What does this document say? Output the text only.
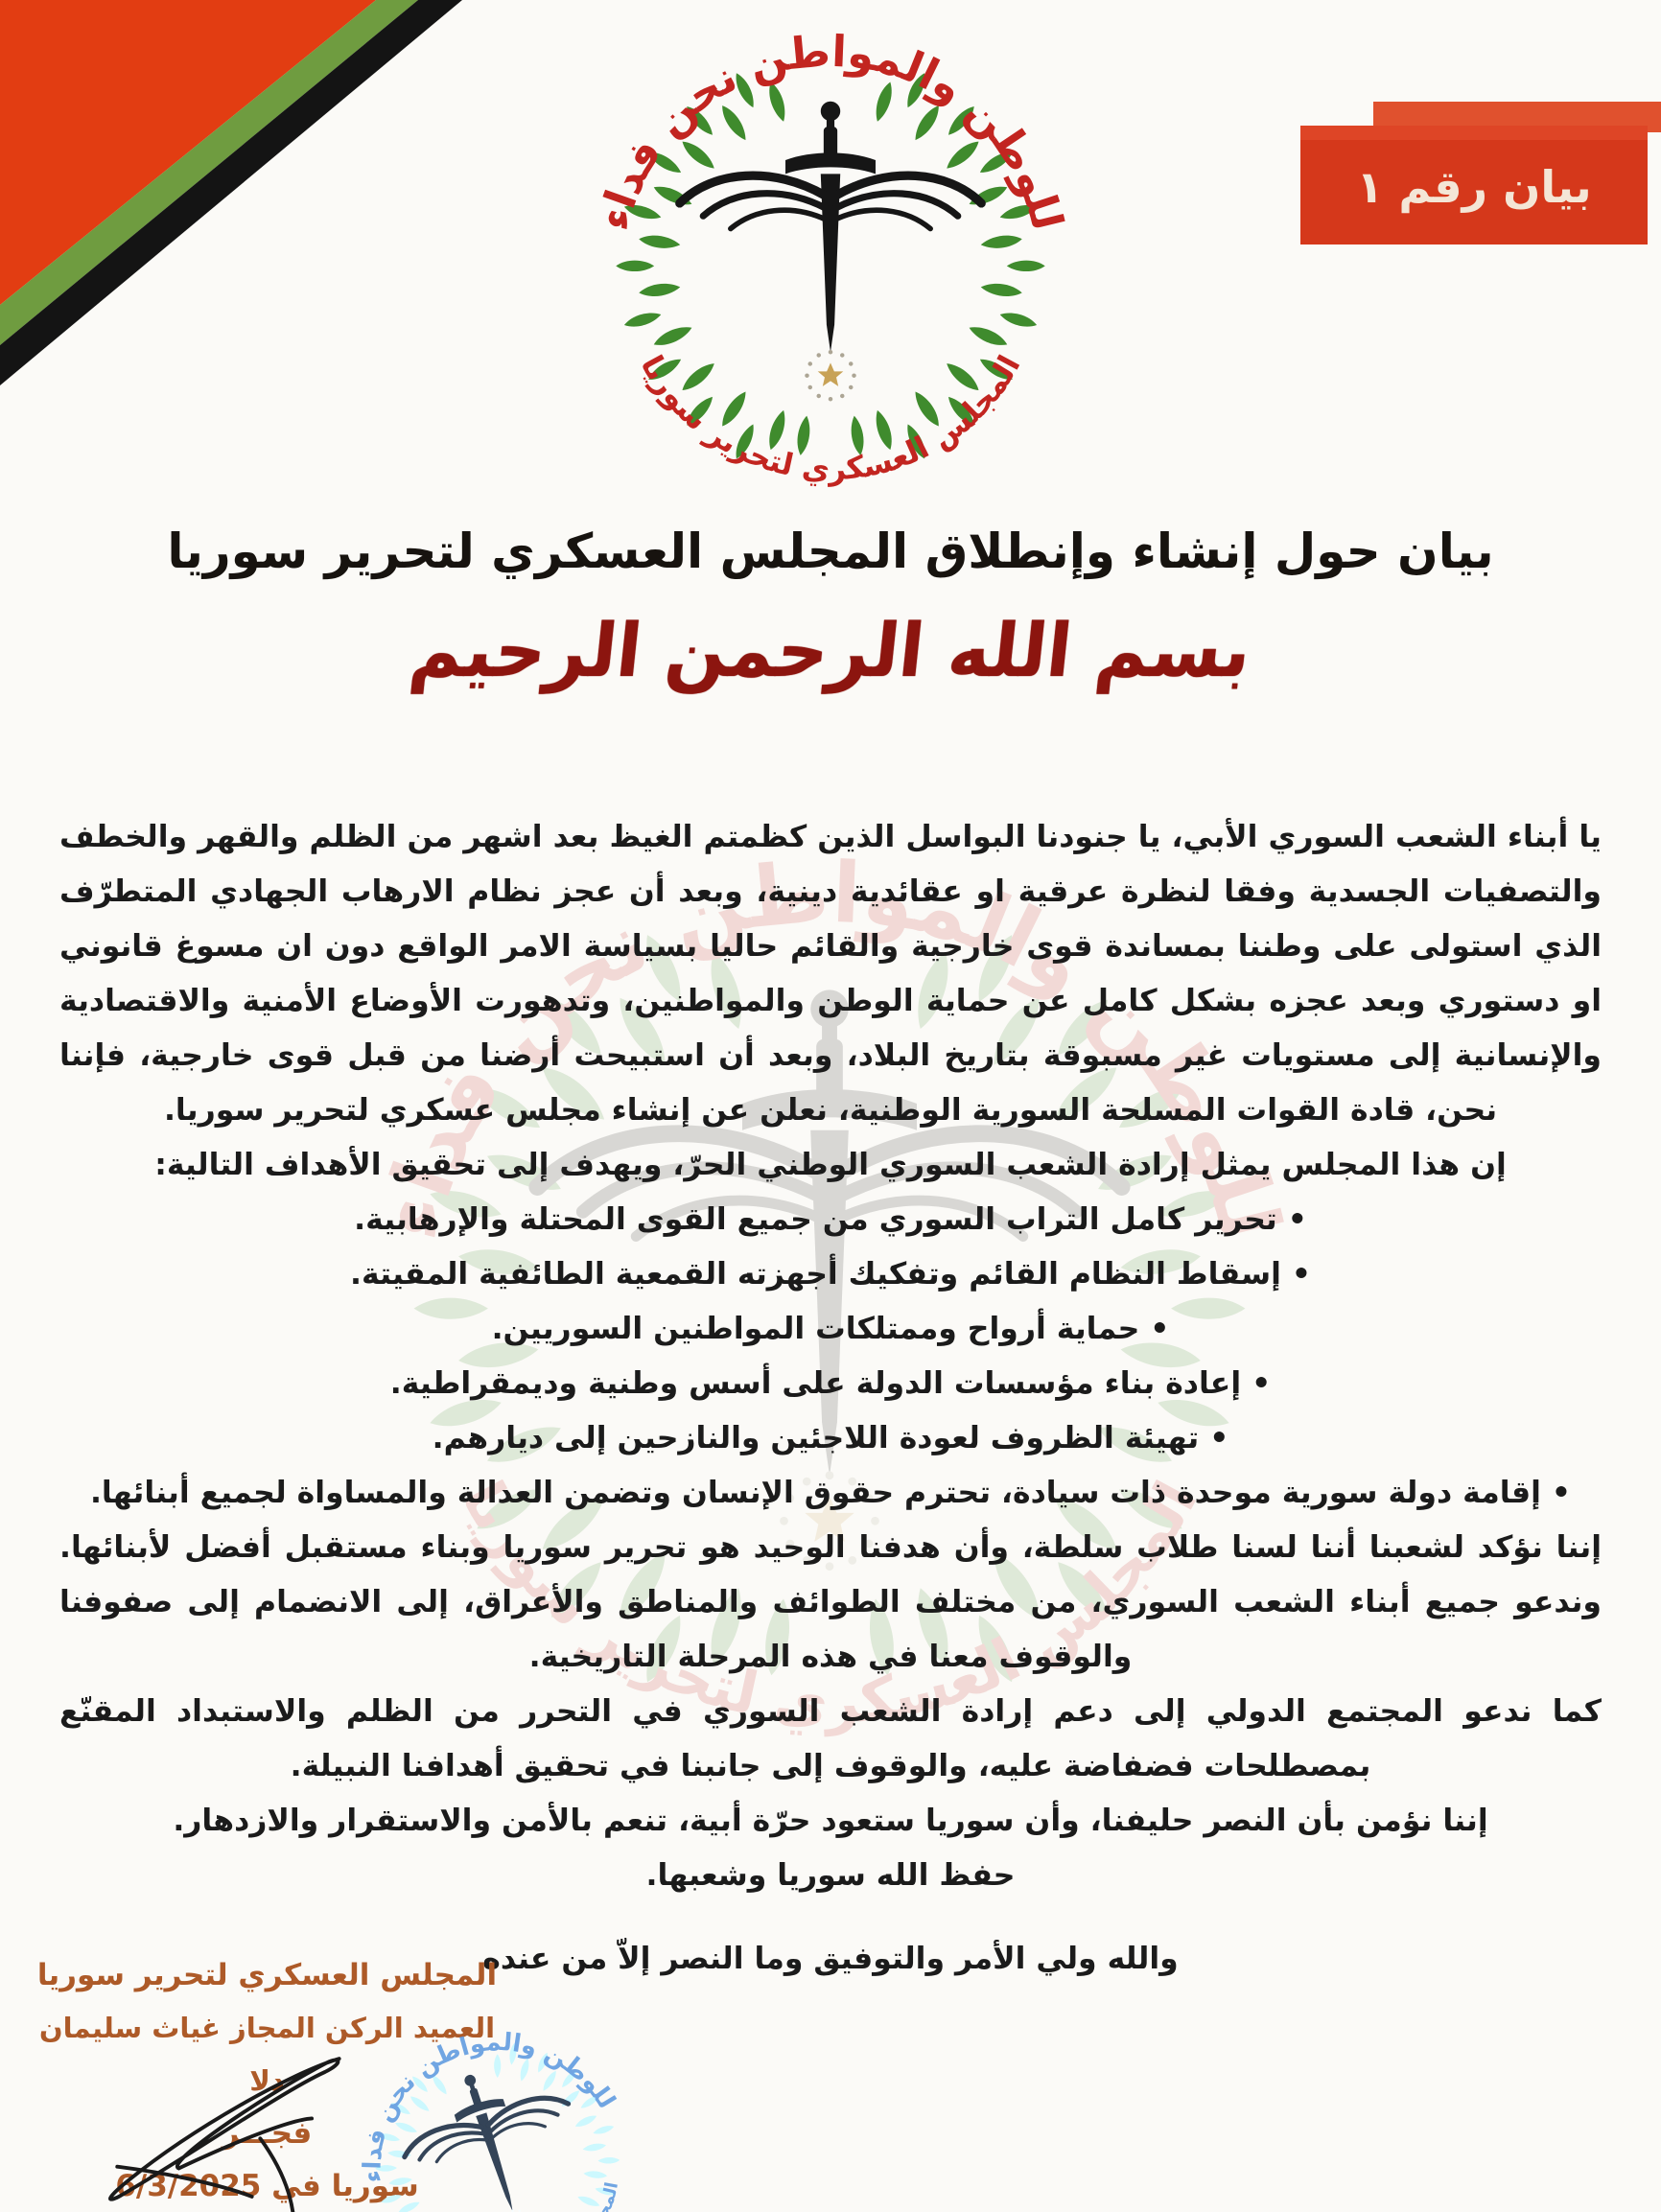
بيان رقم ١
بيان حول إنشاء وإنطلاق المجلس العسكري لتحرير سوريا
بسم الله الرحمن الرحيم

يا أبناء الشعب السوري الأبي، يا جنودنا البواسل الذين كظمتم الغيظ بعد اشهر من الظلم والقهر والخطف والتصفيات الجسدية وفقا لنظرة عرقية او عقائدية دينية، وبعد أن عجز نظام الارهاب الجهادي المتطرّف الذي استولى على وطننا بمساندة قوى خارجية والقائم حاليا بسياسة الامر الواقع دون ان مسوغ قانوني او دستوري وبعد عجزه بشكل كامل عن حماية الوطن والمواطنين، وتدهورت الأوضاع الأمنية والاقتصادية والإنسانية إلى مستويات غير مسبوقة بتاريخ البلاد، وبعد أن استبيحت أرضنا من قبل قوى خارجية، فإننا نحن، قادة القوات المسلحة السورية الوطنية، نعلن عن إنشاء مجلس عسكري لتحرير سوريا.

إن هذا المجلس يمثل إرادة الشعب السوري الوطني الحرّ، ويهدف إلى تحقيق الأهداف التالية:

• تحرير كامل التراب السوري من جميع القوى المحتلة والإرهابية.
• إسقاط النظام القائم وتفكيك أجهزته القمعية الطائفية المقيتة.
• حماية أرواح وممتلكات المواطنين السوريين.
• إعادة بناء مؤسسات الدولة على أسس وطنية وديمقراطية.
• تهيئة الظروف لعودة اللاجئين والنازحين إلى ديارهم.
• إقامة دولة سورية موحدة ذات سيادة، تحترم حقوق الإنسان وتضمن العدالة والمساواة لجميع أبنائها.

إننا نؤكد لشعبنا أننا لسنا طلاب سلطة، وأن هدفنا الوحيد هو تحرير سوريا وبناء مستقبل أفضل لأبنائها. وندعو جميع أبناء الشعب السوري، من مختلف الطوائف والمناطق والأعراق، إلى الانضمام إلى صفوفنا والوقوف معنا في هذه المرحلة التاريخية.

كما ندعو المجتمع الدولي إلى دعم إرادة الشعب السوري في التحرر من الظلم والاستبداد المقنّع بمصطلحات فضفاضة عليه، والوقوف إلى جانبنا في تحقيق أهدافنا النبيلة.

إننا نؤمن بأن النصر حليفنا، وأن سوريا ستعود حرّة أبية، تنعم بالأمن والاستقرار والازدهار.

حفظ الله سوريا وشعبها.

والله ولي الأمر والتوفيق وما النصر إلاّ من عنده
المجلس العسكري لتحرير سوريا
العميد الركن المجاز غياث سليمان دلا
فجـــر
سوريا في 6/3/2025
